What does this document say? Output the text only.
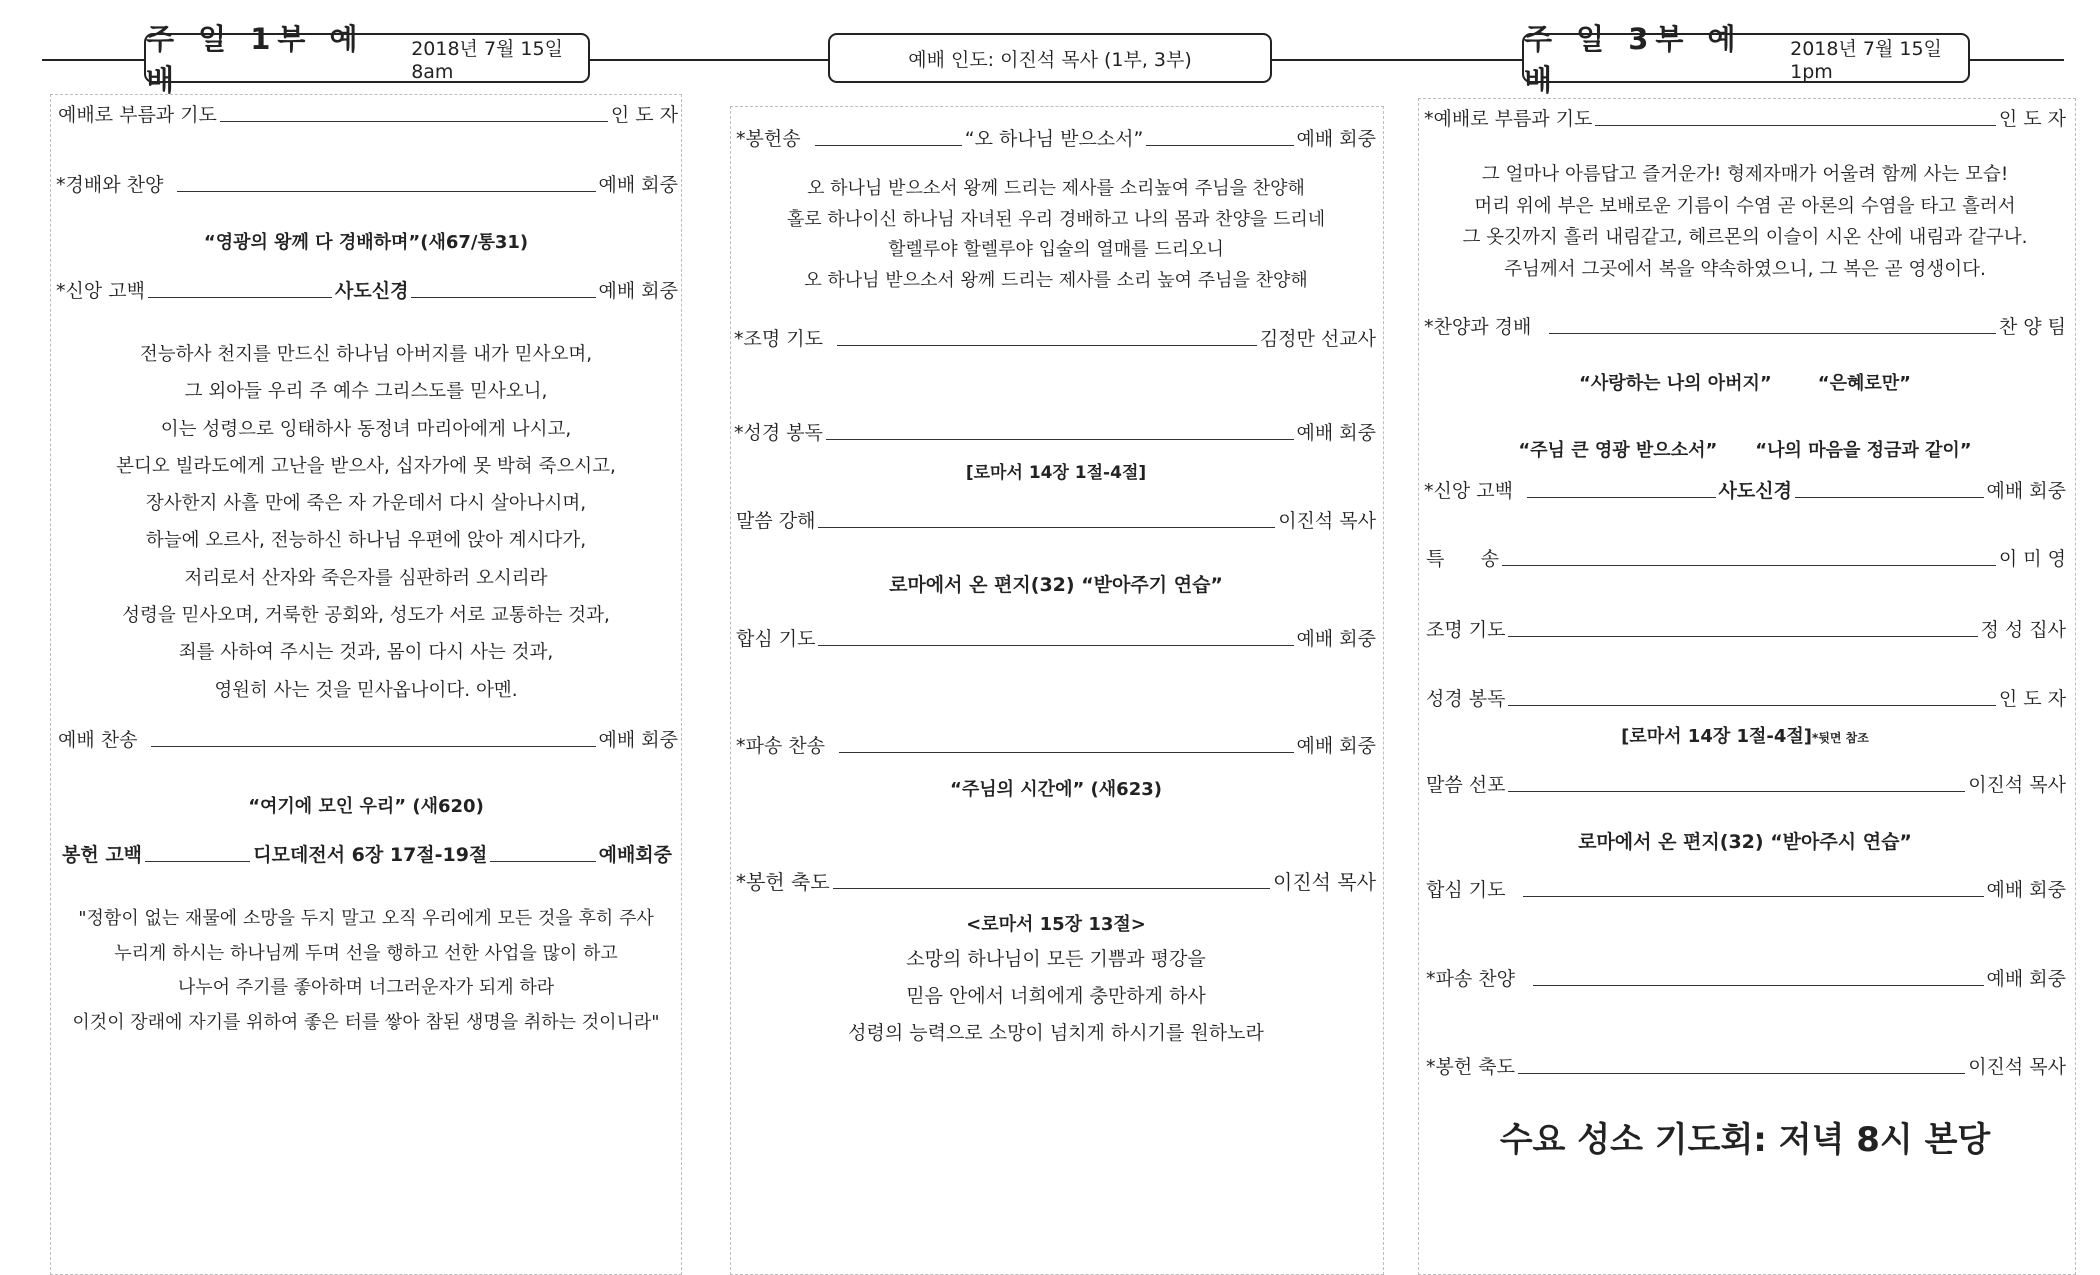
주 일 1부 예 배
2018년 7월 15일 8am
예배 인도: 이진석 목사 (1부, 3부)
주 일 3부 예 배
2018년 7월 15일 1pm
예배로 부름과 기도	인 도 자
*경배와 찬양	예배 회중
“영광의 왕께 다 경배하며”(새67/통31)
*신앙 고백	사도신경	예배 회중
전능하사 천지를 만드신 하나님 아버지를 내가 믿사오며,
그 외아들 우리 주 예수 그리스도를 믿사오니,
이는 성령으로 잉태하사 동정녀 마리아에게 나시고,
본디오 빌라도에게 고난을 받으사, 십자가에 못 박혀 죽으시고,
장사한지 사흘 만에 죽은 자 가운데서 다시 살아나시며,
하늘에 오르사, 전능하신 하나님 우편에 앉아 계시다가,
저리로서 산자와 죽은자를 심판하러 오시리라
성령을 믿사오며, 거룩한 공회와, 성도가 서로 교통하는 것과,
죄를 사하여 주시는 것과, 몸이 다시 사는 것과,
영원히 사는 것을 믿사옵나이다. 아멘.
예배 찬송	예배 회중
“여기에 모인 우리” (새620)
봉헌 고백	디모데전서 6장 17절-19절	예배회중
"정함이 없는 재물에 소망을 두지 말고 오직 우리에게 모든 것을 후히 주사
누리게 하시는 하나님께 두며 선을 행하고 선한 사업을 많이 하고
나누어 주기를 좋아하며 너그러운자가 되게 하라
이것이 장래에 자기를 위하여 좋은 터를 쌓아 참된 생명을 취하는 것이니라"
*봉헌송	“오 하나님 받으소서”	예배 회중
오 하나님 받으소서 왕께 드리는 제사를 소리높여 주님을 찬양해
홀로 하나이신 하나님 자녀된 우리 경배하고 나의 몸과 찬양을 드리네
할렐루야 할렐루야 입술의 열매를 드리오니
오 하나님 받으소서 왕께 드리는 제사를 소리 높여 주님을 찬양해
*조명 기도	김정만 선교사
*성경 봉독	예배 회중
[로마서 14장 1절-4절]
말씀 강해	이진석 목사
로마에서 온 편지(32) “받아주기 연습”
합심 기도	예배 회중
*파송 찬송	예배 회중
“주님의 시간에” (새623)
*봉헌 축도	이진석 목사
<로마서 15장 13절>
소망의 하나님이 모든 기쁨과 평강을
믿음 안에서 너희에게 충만하게 하사
성령의 능력으로 소망이 넘치게 하시기를 원하노라
*예배로 부름과 기도	인 도 자
그 얼마나 아름답고 즐거운가! 형제자매가 어울려 함께 사는 모습!
머리 위에 부은 보배로운 기름이 수염 곧 아론의 수염을 타고 흘러서
그 옷깃까지 흘러 내림같고, 헤르몬의 이슬이 시온 산에 내림과 같구나.
주님께서 그곳에서 복을 약속하였으니, 그 복은 곧 영생이다.
*찬양과 경배	찬 양 팀
“사랑하는 나의 아버지”	“은혜로만”
“주님 큰 영광 받으소서” “나의 마음을 정금과 같이”
*신앙 고백	사도신경	예배 회중
특      송	이 미 영
조명 기도	정 성 집사
성경 봉독	인 도 자
[로마서 14장 1절-4절]*뒷면 참조
말씀 선포	이진석 목사
로마에서 온 편지(32) “받아주시 연습”
합심 기도	예배 회중
*파송 찬양	예배 회중
*봉헌 축도	이진석 목사
수요 성소 기도회: 저녁 8시 본당
